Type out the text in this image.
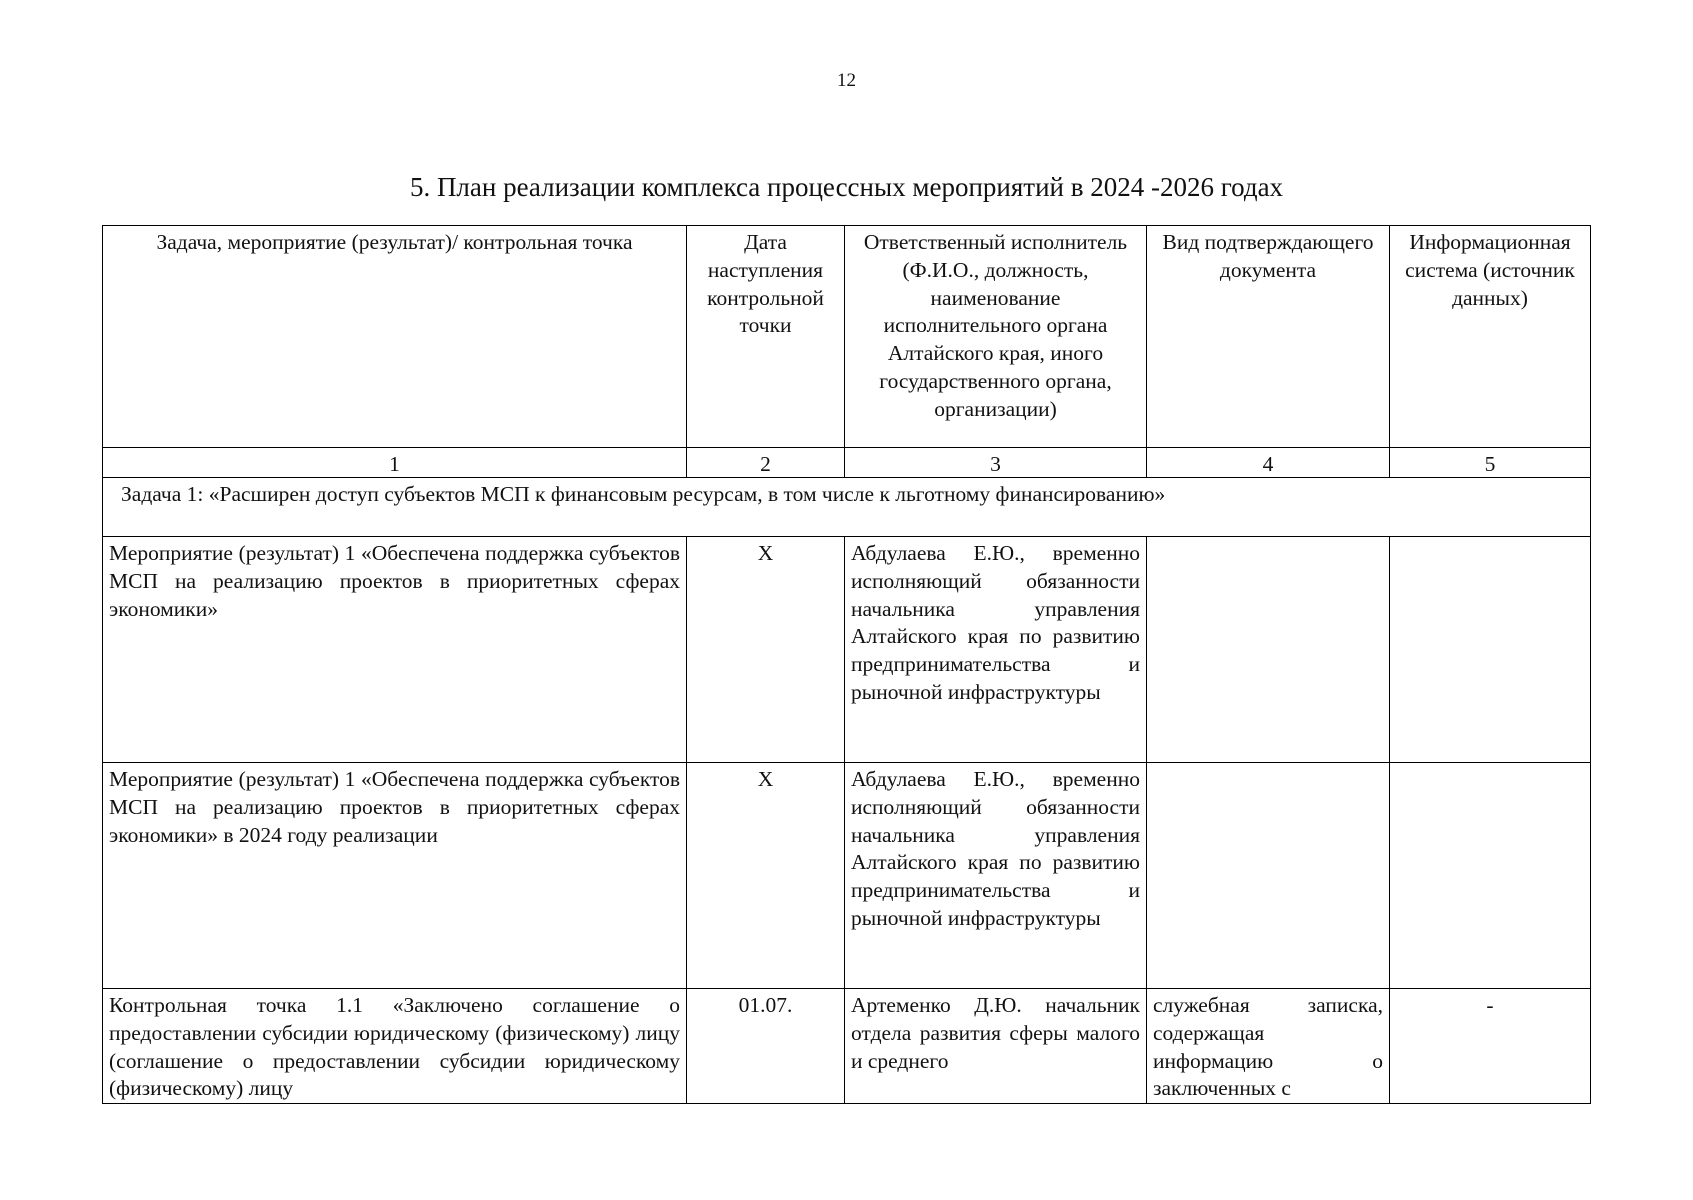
12
5. План реализации комплекса процессных мероприятий в 2024 -2026 годах
Задача, мероприятие (результат)/ контрольная точка	Дата наступления контрольной точки	Ответственный исполнитель (Ф.И.О., должность, наименование исполнительного органа Алтайского края, иного государственного органа, организации)	Вид подтверждающего документа	Информационная система (источник данных)
1	2	3	4	5
Задача 1: «Расширен доступ субъектов МСП к финансовым ресурсам, в том числе к льготному финансированию»				
Мероприятие (результат) 1 «Обеспечена поддержка субъектов МСП на реализацию проектов в приоритетных сферах экономики»	Х	Абдулаева Е.Ю., временно исполняющий обязанности начальника управления Алтайского края по развитию предпринимательства и рыночной инфраструктуры		
Мероприятие (результат) 1 «Обеспечена поддержка субъектов МСП на реализацию проектов в приоритетных сферах экономики» в 2024 году реализации	Х	Абдулаева Е.Ю., временно исполняющий обязанности начальника управления Алтайского края по развитию предпринимательства и рыночной инфраструктуры		
Контрольная точка 1.1 «Заключено соглашение о предоставлении субсидии юридическому (физическому) лицу (соглашение о предоставлении субсидии юридическому (физическому) лицу	01.07.	Артеменко Д.Ю. начальник отдела развития сферы малого и среднего	служебная записка, содержащая информацию о заключенных с	-
